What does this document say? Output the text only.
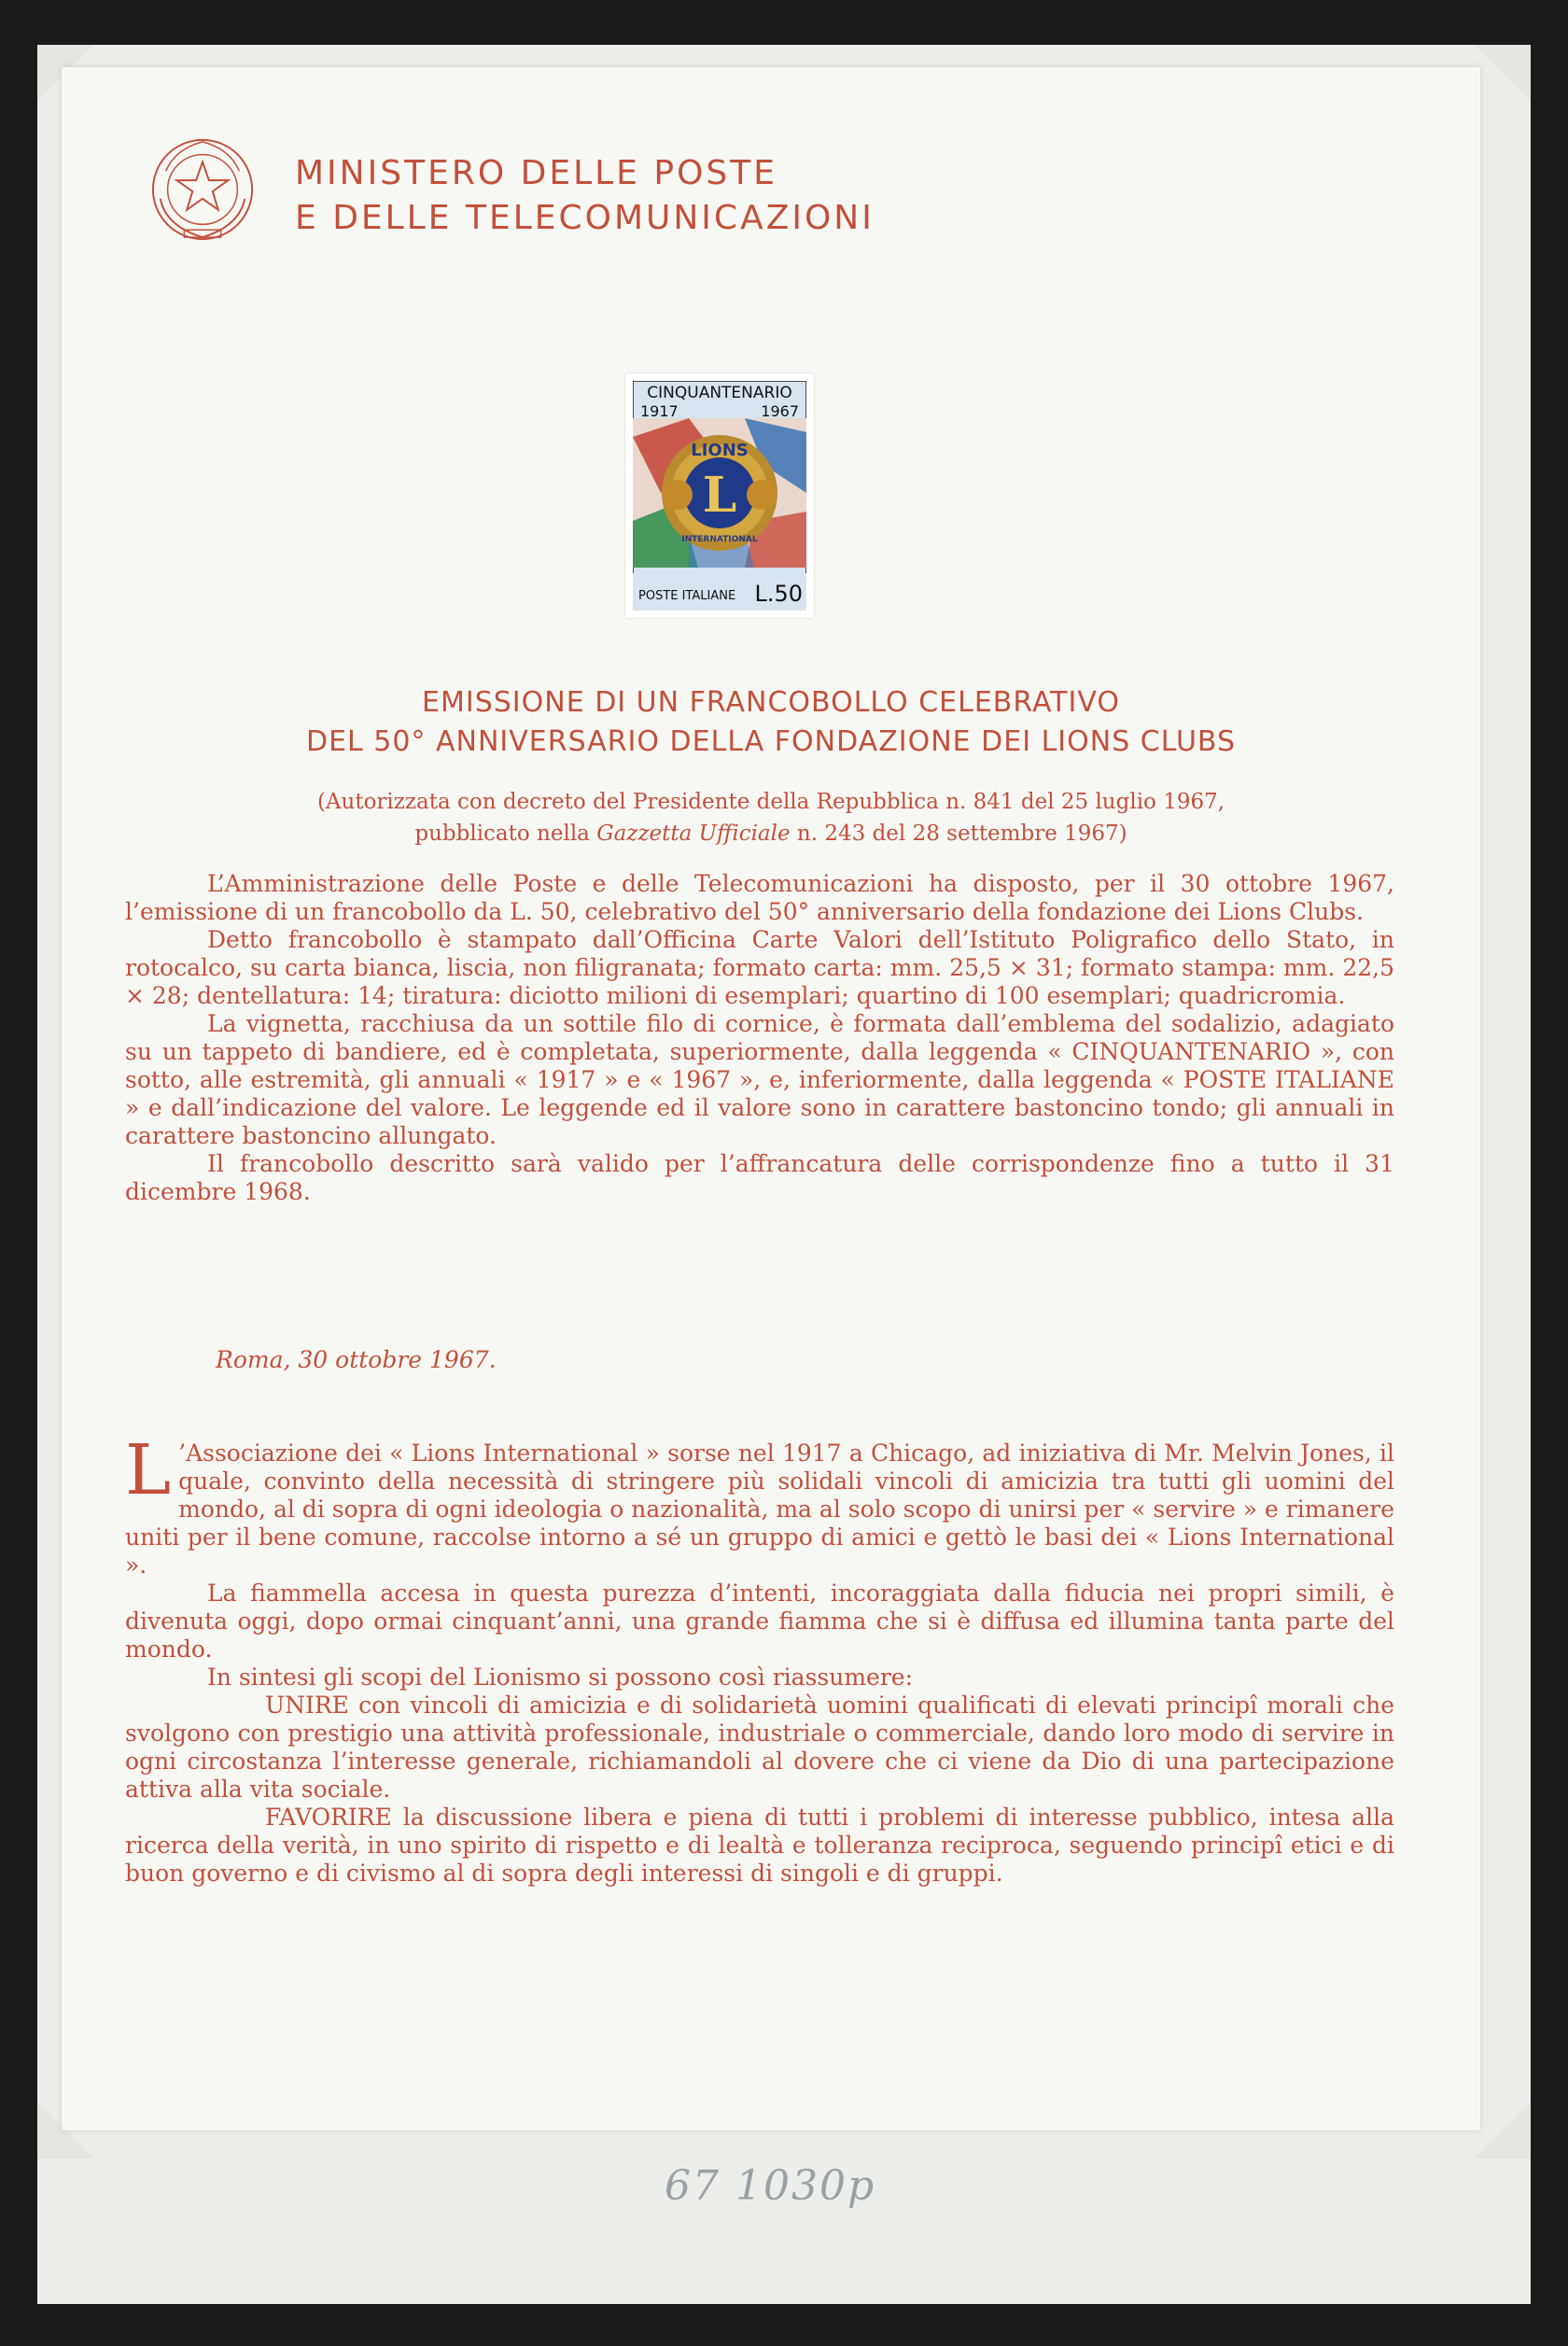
MINISTERO DELLE POSTE
E DELLE TELECOMUNICAZIONI
LIONS
L
INTERNATIONAL
CINQUANTENARIO
1917	1967
POSTE ITALIANE L.50
EMISSIONE DI UN FRANCOBOLLO CELEBRATIVO
DEL 50° ANNIVERSARIO DELLA FONDAZIONE DEI LIONS CLUBS
(Autorizzata con decreto del Presidente della Repubblica n. 841 del 25 luglio 1967,
pubblicato nella Gazzetta Ufficiale n. 243 del 28 settembre 1967)

L’Amministrazione delle Poste e delle Telecomunicazioni ha disposto, per il 30 ottobre 1967, l’emissione di un francobollo da L. 50, celebrativo del 50° anniversario della fondazione dei Lions Clubs.

Detto francobollo è stampato dall’Officina Carte Valori dell’Istituto Poligrafico dello Stato, in rotocalco, su carta bianca, liscia, non filigranata; formato carta: mm. 25,5 × 31; formato stampa: mm. 22,5 × 28; dentellatura: 14; tiratura: diciotto milioni di esemplari; quartino di 100 esemplari; quadricromia.

La vignetta, racchiusa da un sottile filo di cornice, è formata dall’emblema del sodalizio, adagiato su un tappeto di bandiere, ed è completata, superiormente, dalla leggenda « CINQUANTENARIO », con sotto, alle estremità, gli annuali « 1917 » e « 1967 », e, inferiormente, dalla leggenda « POSTE ITALIANE » e dall’indicazione del valore. Le leggende ed il valore sono in carattere bastoncino tondo; gli annuali in carattere bastoncino allungato.

Il francobollo descritto sarà valido per l’affrancatura delle corrispondenze fino a tutto il 31 dicembre 1968.

Roma, 30 ottobre 1967.

L ’Associazione dei « Lions International » sorse nel 1917 a Chicago, ad iniziativa di Mr. Melvin Jones, il quale, convinto della necessità di stringere più solidali vincoli di amicizia tra tutti gli uomini del mondo, al di sopra di ogni ideologia o nazionalità, ma al solo scopo di unirsi per « servire » e rimanere uniti per il bene comune, raccolse intorno a sé un gruppo di amici e gettò le basi dei « Lions International ».

La fiammella accesa in questa purezza d’intenti, incoraggiata dalla fiducia nei propri simili, è divenuta oggi, dopo ormai cinquant’anni, una grande fiamma che si è diffusa ed illumina tanta parte del mondo.

In sintesi gli scopi del Lionismo si possono così riassumere:

UNIRE con vincoli di amicizia e di solidarietà uomini qualificati di elevati principî morali che svolgono con prestigio una attività professionale, industriale o commerciale, dando loro modo di servire in ogni circostanza l’interesse generale, richiamandoli al dovere che ci viene da Dio di una partecipazione attiva alla vita sociale.

FAVORIRE la discussione libera e piena di tutti i problemi di interesse pubblico, intesa alla ricerca della verità, in uno spirito di rispetto e di lealtà e tolleranza reciproca, seguendo principî etici e di buon governo e di civismo al di sopra degli interessi di singoli e di gruppi.

67 1030p
